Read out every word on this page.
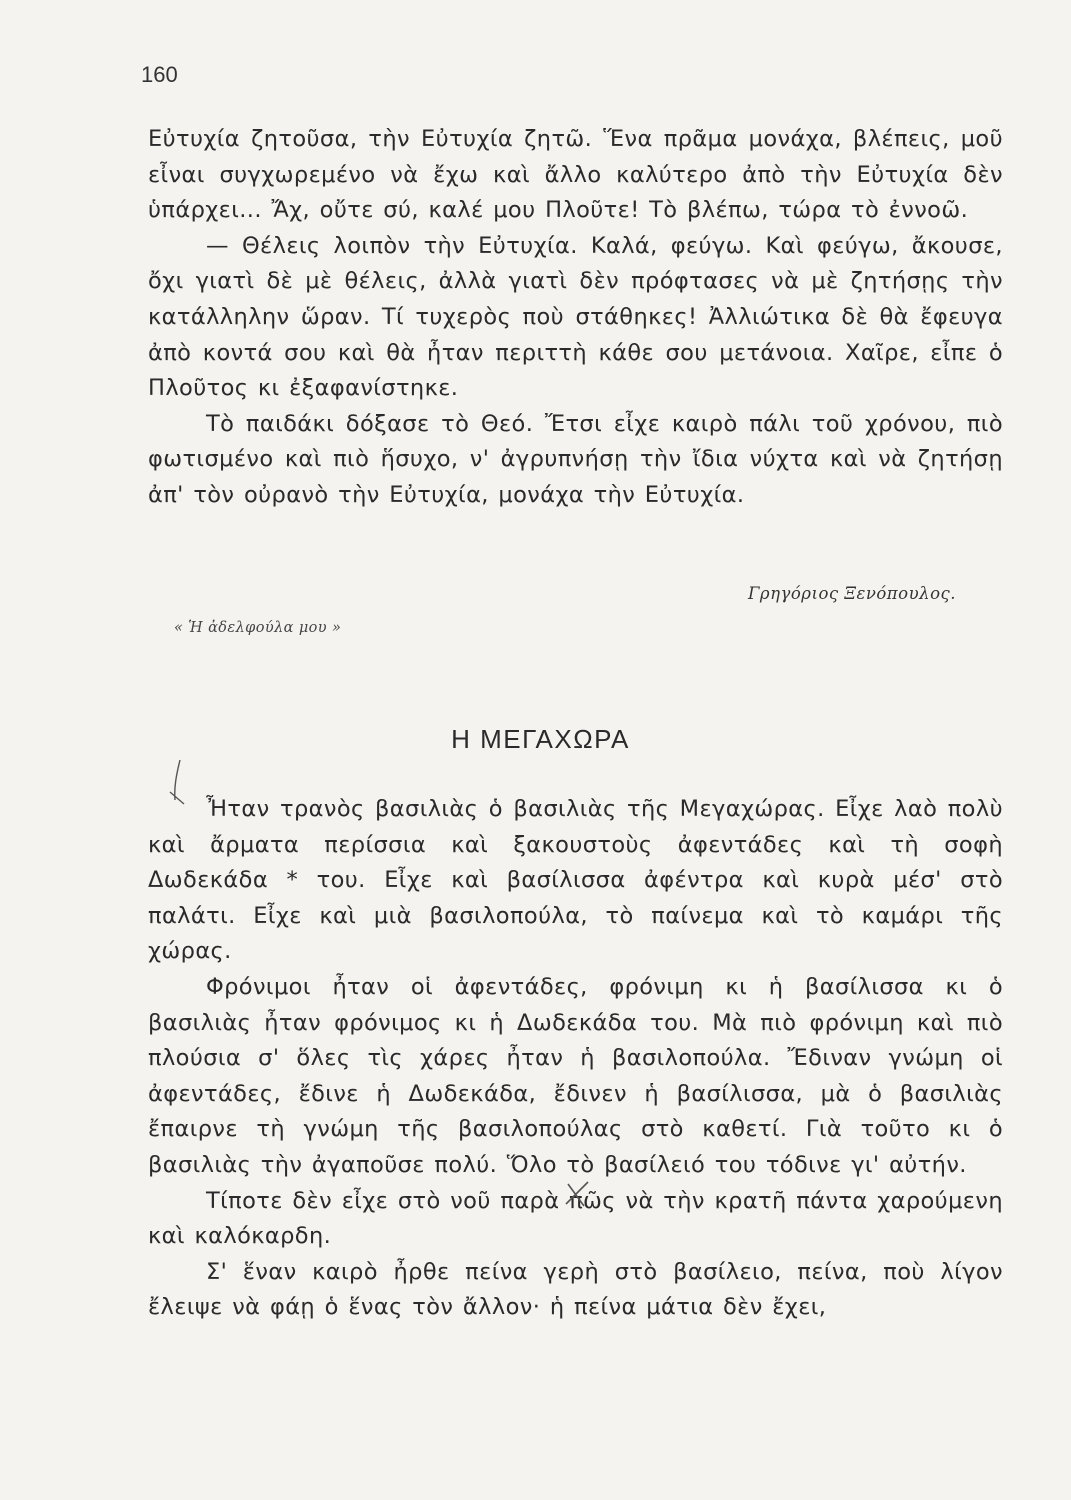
160

Εὐτυχία ζητοῦσα, τὴν Εὐτυχία ζητῶ. Ἕνα πρᾶμα μονάχα, βλέπεις, μοῦ εἶναι συγχωρεμένο νὰ ἔχω καὶ ἄλλο καλύτερο ἀπὸ τὴν Εὐτυχία δὲν ὑπάρχει... Ἄχ, οὔτε σύ, καλέ μου Πλοῦτε! Τὸ βλέπω, τώρα τὸ ἐννοῶ.

— Θέλεις λοιπὸν τὴν Εὐτυχία. Καλά, φεύγω. Καὶ φεύγω, ἄκουσε, ὄχι γιατὶ δὲ μὲ θέλεις, ἀλλὰ γιατὶ δὲν πρόφτασες νὰ μὲ ζητήσῃς τὴν κατάλληλην ὥραν. Τί τυχερὸς ποὺ στάθηκες! Ἀλλιώτικα δὲ θὰ ἔφευγα ἀπὸ κοντά σου καὶ θὰ ἦταν περιττὴ κάθε σου μετάνοια. Χαῖρε, εἶπε ὁ Πλοῦτος κι ἐξαφανίστηκε.

Τὸ παιδάκι δόξασε τὸ Θεό. Ἔτσι εἶχε καιρὸ πάλι τοῦ χρόνου, πιὸ φωτισμένο καὶ πιὸ ἥσυχο, ν' ἀγρυπνήσῃ τὴν ἴδια νύχτα καὶ νὰ ζητήσῃ ἀπ' τὸν οὐρανὸ τὴν Εὐτυχία, μονάχα τὴν Εὐτυχία.

Γρηγόριος Ξενόπουλος.
« Ἡ ἀδελφούλα μου »
Η ΜΕΓΑΧΩΡΑ

Ἦταν τρανὸς βασιλιὰς ὁ βασιλιὰς τῆς Μεγαχώρας. Εἶχε λαὸ πολὺ καὶ ἄρματα περίσσια καὶ ξακουστοὺς ἀφεντάδες καὶ τὴ σοφὴ Δωδεκάδα * του. Εἶχε καὶ βασίλισσα ἀφέντρα καὶ κυρὰ μέσ' στὸ παλάτι. Εἶχε καὶ μιὰ βασιλοπούλα, τὸ παίνεμα καὶ τὸ καμάρι τῆς χώρας.

Φρόνιμοι ἦταν οἱ ἀφεντάδες, φρόνιμη κι ἡ βασίλισσα κι ὁ βασιλιὰς ἦταν φρόνιμος κι ἡ Δωδεκάδα του. Μὰ πιὸ φρόνιμη καὶ πιὸ πλούσια σ' ὅλες τὶς χάρες ἦταν ἡ βασιλοπούλα. Ἔδιναν γνώμη οἱ ἀφεντάδες, ἔδινε ἡ Δωδεκάδα, ἔδινεν ἡ βασίλισσα, μὰ ὁ βασιλιὰς ἔπαιρνε τὴ γνώμη τῆς βασιλοπούλας στὸ καθετί. Γιὰ τοῦτο κι ὁ βασιλιὰς τὴν ἀγαποῦσε πολύ. Ὅλο τὸ βασίλειό του τόδινε γι' αὐτήν.

Τίποτε δὲν εἶχε στὸ νοῦ παρὰ πῶς νὰ τὴν κρατῆ πάντα χαρούμενη καὶ καλόκαρδη.

Σ' ἕναν καιρὸ ἦρθε πείνα γερὴ στὸ βασίλειο, πείνα, ποὺ λίγον ἔλειψε νὰ φάῃ ὁ ἕνας τὸν ἄλλον· ἡ πείνα μάτια δὲν ἔχει,
